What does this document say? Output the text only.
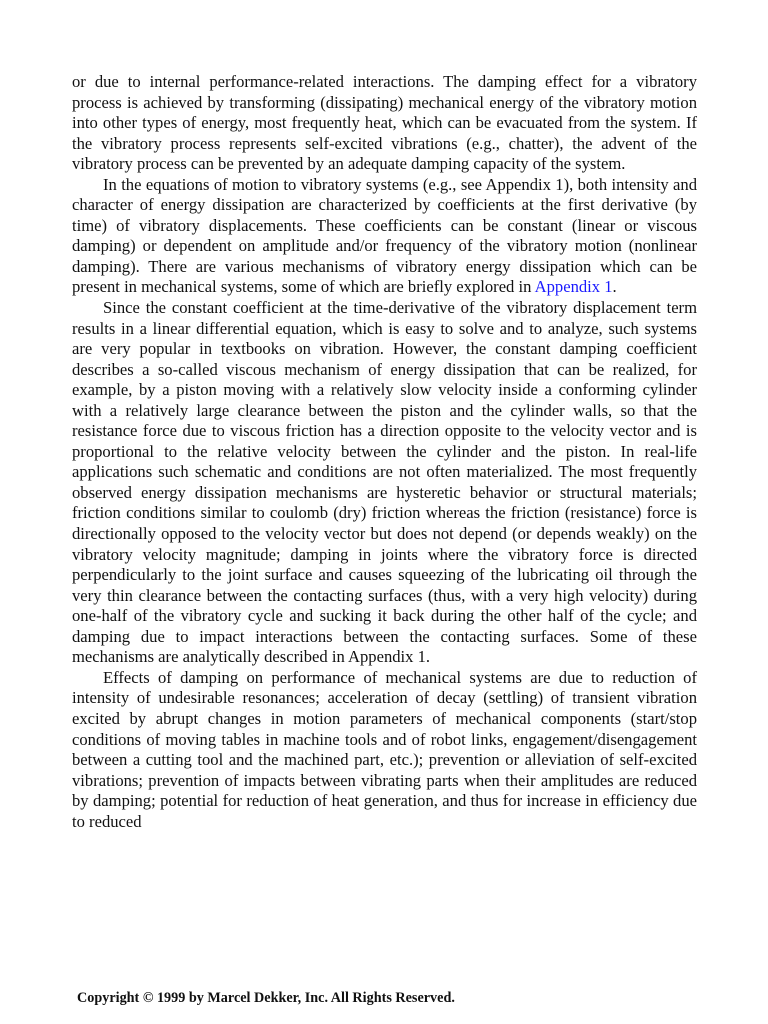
or due to internal performance-related interactions. The damping effect for a vibratory process is achieved by transforming (dissipating) mechanical energy of the vibratory motion into other types of energy, most frequently heat, which can be evacuated from the system. If the vibratory process represents self-excited vibrations (e.g., chatter), the advent of the vibratory process can be prevented by an adequate damping capacity of the system.

In the equations of motion to vibratory systems (e.g., see Appendix 1), both intensity and character of energy dissipation are characterized by coefficients at the first derivative (by time) of vibratory displacements. These coefficients can be constant (linear or viscous damping) or dependent on amplitude and/or frequency of the vibratory motion (nonlinear damping). There are various mechanisms of vibratory energy dissipation which can be present in mechanical systems, some of which are briefly explored in Appendix 1.

Since the constant coefficient at the time-derivative of the vibratory displacement term results in a linear differential equation, which is easy to solve and to analyze, such systems are very popular in textbooks on vibration. However, the constant damping coefficient describes a so-called viscous mechanism of energy dissipation that can be realized, for example, by a piston moving with a relatively slow velocity inside a conforming cylinder with a relatively large clearance between the piston and the cylinder walls, so that the resistance force due to viscous friction has a direction opposite to the velocity vector and is proportional to the relative velocity between the cylinder and the piston. In real-life applications such schematic and conditions are not often materialized. The most frequently observed energy dissipation mechanisms are hysteretic behavior or structural materials; friction conditions similar to coulomb (dry) friction whereas the friction (resistance) force is directionally opposed to the velocity vector but does not depend (or depends weakly) on the vibratory velocity magnitude; damping in joints where the vibratory force is directed perpendicularly to the joint surface and causes squeezing of the lubricating oil through the very thin clearance between the contacting surfaces (thus, with a very high velocity) during one-half of the vibratory cycle and sucking it back during the other half of the cycle; and damping due to impact interactions between the contacting surfaces. Some of these mechanisms are analytically described in Appendix 1.

Effects of damping on performance of mechanical systems are due to reduction of intensity of undesirable resonances; acceleration of decay (settling) of transient vibration excited by abrupt changes in motion parameters of mechanical components (start/stop conditions of moving tables in machine tools and of robot links, engagement/disengagement between a cutting tool and the machined part, etc.); prevention or alleviation of self-excited vibrations; prevention of impacts between vibrating parts when their amplitudes are reduced by damping; potential for reduction of heat generation, and thus for increase in efficiency due to reduced

Copyright © 1999 by Marcel Dekker, Inc. All Rights Reserved.
